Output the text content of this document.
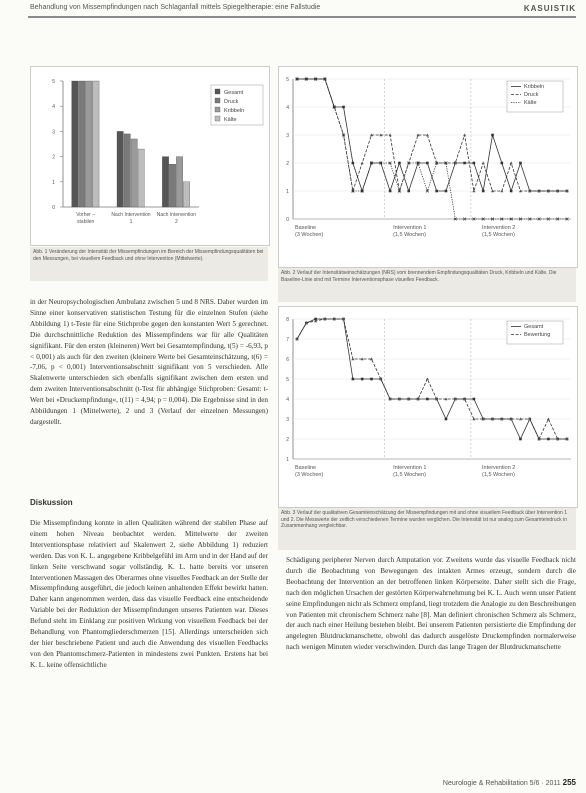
Behandlung von Missempfindungen nach Schlaganfall mittels Spiegeltherapie: eine Fallstudie	KASUISTIK
0
1
2
3
4
5
Vorher –
stabilen
Nach Intervention
1
Nach Intervention
2
Gesamt
Druck
Kribbeln
Kälte
Abb. 1 Veränderung der Intensität der Missempfindungen im Bereich der Missempfindungsqualitäten bei den Messungen, bei visuellem Feedback und ohne Intervention (Mittelwerte).
0
1
2
3
4
5
Baseline
(3 Wochen)
Intervention 1
(1,5 Wochen)
Intervention 2
(1,5 Wochen)
Kribbeln
Druck
Kälte
Abb. 2 Verlauf der Intensitätseinschätzungen (NRS) vom brennendem Empfindungsqualitäten Druck, Kribbeln und Kälte. Die Baseline-Linie sind mit Termine Interventionsphase visuelles Feedback.
1
2
3
4
5
6
7
8
Baseline
(3 Wochen)
Intervention 1
(1,5 Wochen)
Intervention 2
(1,5 Wochen)
Gesamt
Bewertung
Abb. 3 Verlauf der qualitativen Gesamteinschätzung der Missempfindungen mit und ohne visuellem Feedback über Intervention 1 und 2. Die Messwerte der zeitlich verschiedenen Termine wurden verglichen. Die Intensität ist nur analog zum Gesamteindruck in Zusammenhang vergleichbar.

in der Neuropsychologischen Ambulanz zwischen 5 und 8 NRS. Daher wurden im Sinne einer konservativen statistischen Testung für die einzelnen Stufen (siehe Abbildung 1) t-Teste für eine Stichprobe gegen den konstanten Wert 5 gerechnet. Die durchschnittliche Reduktion des Missempfindens war für alle Qualitäten signifikant. Für den ersten (kleineren) Wert bei Gesamtempfindung, t(5) = -6,93, p < 0,001) als auch für den zweiten (kleinere Werte bei Gesamteinschätzung, t(6) = -7,06, p < 0,001) Interventionsabschnitt signifikant von 5 verschieden. Alle Skalenwerte unterschieden sich ebenfalls signifikant zwischen dem ersten und dem zweiten Interventionsabschnitt (t-Test für abhängige Stichproben: Gesamt: t-Wert bei »Druckempfindung«, t(11) = 4,94; p = 0,004). Die Ergebnisse sind in den Abbildungen 1 (Mittelwerte), 2 und 3 (Verlauf der einzelnen Messungen) dargestellt.

Diskussion

Die Missempfindung konnte in allen Qualitäten während der stabilen Phase auf einem hohen Niveau beobachtet werden. Mittelwerte der zweiten Interventionsphase relativiert auf Skalenwert 2, siehe Abbildung 1) reduziert werden. Das von K. L. angegebene Kribbelgefühl im Arm und in der Hand auf der linken Seite verschwand sogar vollständig. K. L. hatte bereits vor unseren Interventionen Massagen des Oberarmes ohne visuelles Feedback an der Stelle der Missempfindung ausgeführt, die jedoch keinen anhaltenden Effekt bewirkt hatten. Daher kann angenommen werden, dass das visuelle Feedback eine entscheidende Variable bei der Reduktion der Missempfindungen unseres Patienten war. Dieses Befund steht im Einklang zur positiven Wirkung von visuellem Feedback bei der Behandlung von Phantomgliederschmerzen [15]. Allerdings unterscheiden sich der hier beschriebene Patient und auch die Anwendung des visuellen Feedbacks von den Phantomschmerz-Patienten in mindestens zwei Punkten. Erstens hat bei K. L. keine offensichtliche

Schädigung peripherer Nerven durch Amputation vor. Zweitens wurde das visuelle Feedback nicht durch die Beobachtung von Bewegungen des intakten Armes erzeugt, sondern durch die Beobachtung der Intervention an der betroffenen linken Körperseite. Daher stellt sich die Frage, nach den möglichen Ursachen der gestörten Körperwahrnehmung bei K. L. Auch wenn unser Patient seine Empfindungen nicht als Schmerz empfand, liegt trotzdem die Analogie zu den Beschreibungen von Patienten mit chronischem Schmerz nahe [8]. Man definiert chronischen Schmerz als Schmerz, der auch nach einer Heilung bestehen bleibt. Bei unserem Patienten persistierte die Empfindung der angelegten Blutdruckmanschette, obwohl das dadurch ausgelöste Druckempfinden normalerweise nach wenigen Minuten wieder verschwinden. Durch das lange Tragen der Blutdruckmanschette

Neurologie & Rehabilitation 5/6 · 2011 255
